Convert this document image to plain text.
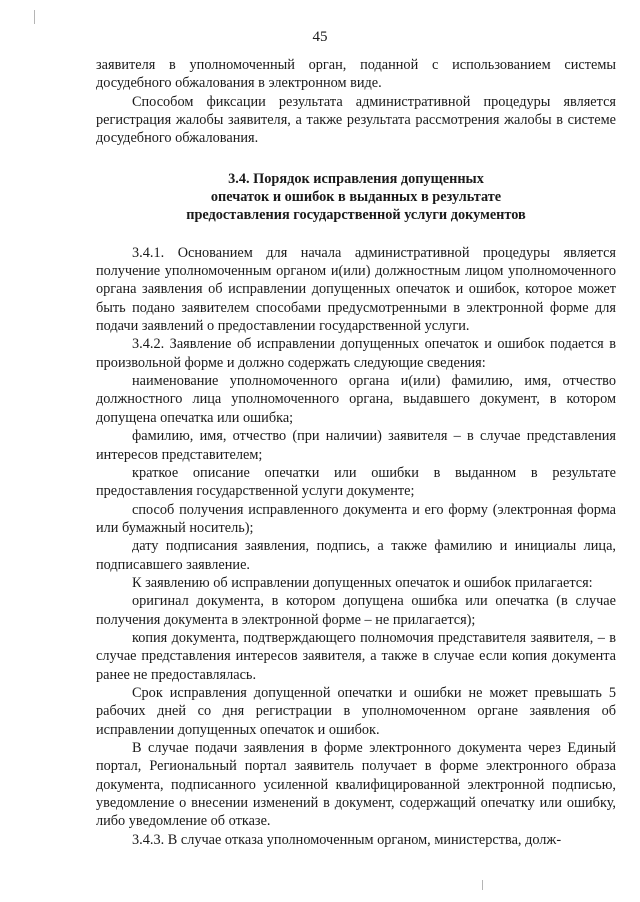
45

заявителя в уполномоченный орган, поданной с использованием системы досудебного обжалования в электронном виде.

Способом фиксации результата административной процедуры является регистрация жалобы заявителя, а также результата рассмотрения жалобы в системе досудебного обжалования.

3.4. Порядок исправления допущенных
опечаток и ошибок в выданных в результате
предоставления государственной услуги документов

3.4.1. Основанием для начала административной процедуры является получение уполномоченным органом и(или) должностным лицом уполномоченного органа заявления об исправлении допущенных опечаток и ошибок, которое может быть подано заявителем способами предусмотренными в электронной форме для подачи заявлений о предоставлении государственной услуги.

3.4.2. Заявление об исправлении допущенных опечаток и ошибок подается в произвольной форме и должно содержать следующие сведения:

наименование уполномоченного органа и(или) фамилию, имя, отчество должностного лица уполномоченного органа, выдавшего документ, в котором допущена опечатка или ошибка;

фамилию, имя, отчество (при наличии) заявителя – в случае представления интересов представителем;

краткое описание опечатки или ошибки в выданном в результате предоставления государственной услуги документе;

способ получения исправленного документа и его форму (электронная форма или бумажный носитель);

дату подписания заявления, подпись, а также фамилию и инициалы лица, подписавшего заявление.

К заявлению об исправлении допущенных опечаток и ошибок прилагается:

оригинал документа, в котором допущена ошибка или опечатка (в случае получения документа в электронной форме – не прилагается);

копия документа, подтверждающего полномочия представителя заявителя, – в случае представления интересов заявителя, а также в случае если копия документа ранее не предоставлялась.

Срок исправления допущенной опечатки и ошибки не может превышать 5 рабочих дней со дня регистрации в уполномоченном органе заявления об исправлении допущенных опечаток и ошибок.

В случае подачи заявления в форме электронного документа через Единый портал, Региональный портал заявитель получает в форме электронного образа документа, подписанного усиленной квалифицированной электронной подписью, уведомление о внесении изменений в документ, содержащий опечатку или ошибку, либо уведомление об отказе.

3.4.3. В случае отказа уполномоченным органом, министерства, долж-
